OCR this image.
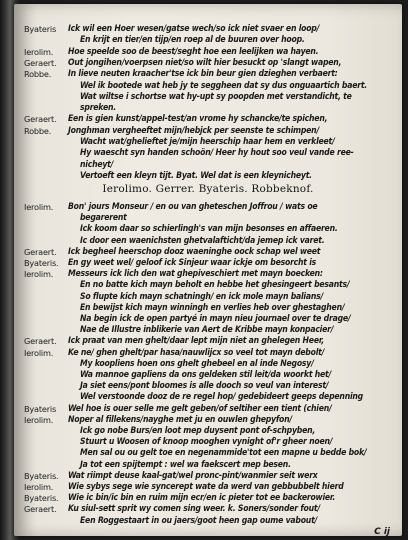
Ierolimo. Gerrer. Byateris. Robbeknof.
Byateris	Ick wil een Hoer wesen/gatse wech/so ick niet svaer en loop/
En krijt en tier/en tijp/en roep al de buuren over hoop.
Ierolim.	Hoe speelde soo de beest/seght hoe een leelijken wa hayen.
Geraert.	Out jongihen/voerpsen niet/so wilt hier besuckt op 'slangt wapen,
Robbe.	In lieve neuten kraacher'tse ick bin beur gien dzieghen verbaert:
Wel ik bootede wat heb jy te seggheen dat sy dus onguaartich baert.
Wat wiltse i schortse wat hy-upt sy poopden met verstandicht, te
spreken.
Geraert.	Een is gien kunst/appel-test/an vrome hy schancke/te spichen,
Robbe.	Jonghman vergheeftet mijn/hebjck per seenste te schimpen/
Wacht wat/ghelieftet je/mijn heerschip haar hem en verkleet/
Hy waescht syn handen schoön/ Heer hy hout soo veul vande ree-
nicheyt/
Vertoeft een kleyn tijt. Byat. Wel dat is een kleynicheyt.
Ierolim.	Bon' jours Monseur / en ou van gheteschen Joffrou / wats oe
begarerent
Ick koom daar so schierlingh's van mijn besonses en affaeren.
Ic door een waenichsten ghetvalafticht/da jemep ick varet.
Geraert.	Ick begheel heerschop dooz waeninghe oock schap wel weet
Byateris.	En gy weet wel/ geloof ick Sinjeur waar ickje om besorcht is
Ierolim.	Messeurs ick lich den wat ghepiveschiert met mayn boecken:
En no batte kich mayn beholt en hebbe het ghesingeert besants/
So flupte kich mayn schatningh/ en ick mole mayn balians/
En bewijst kich mayn winningh en verlies heb over ghestaghen/
Na begin ick de open partyé in mayn nieu journael over te drage/
Nae de Illustre inblikerie van Aert de Kribbe mayn konpacier/
Geraert.	Ick praat van men ghelt/daar lept mijn niet an ghelegen Heer,
Ierolim.	Ke ne/ ghen ghelt/par hasa/nauwlijcx so veel tot mayn debolt/
My koopliens hoen ons ghelt ghebeel en al inde Negosy/
Wa mannoe gapliens da ons geldeken stil leit/da woorkt het/
Ja siet eens/pont bloomes is alle dooch so veul van interest/
Wel verstoonde dooz de re regel hop/ gedebideert geeps depenning
Byateris	Wel hoe is ouer selle me gelt geben/of seltiher een tient (chien/
Ierolim.	Noper al fillekens/nayghe met ju en ouwlen ghepyfon/
Ick go nobe Burs/en loot mep duysent pont of-schpyben,
Stuurt u Woosen of knoop mooghen vynight of'r gheer noen/
Men sal ou ou gelt toe en negenammide'tot een mapne u bedde bok/
Ja tot een spijtempt : wel wa faekscert mep besen.
Byateris.	Wat riimpt deuse kaal-gat/wel pronc-pint/wanmier seit werx
Ierolim.	Wie sybys sege wie syncerept wate da werd van gebbubbelt hierd
Byateris.	Wie ic bin/ic bin en ruim mijn ecr/en ic pieter tot ee backerowier.
Geraert.	Ku siul-sett sprit wy comen sing weer. k. Soners/sonder fout/
Een Roggestaart in ou jaers/goot heen gap oume vabout/
C ij
